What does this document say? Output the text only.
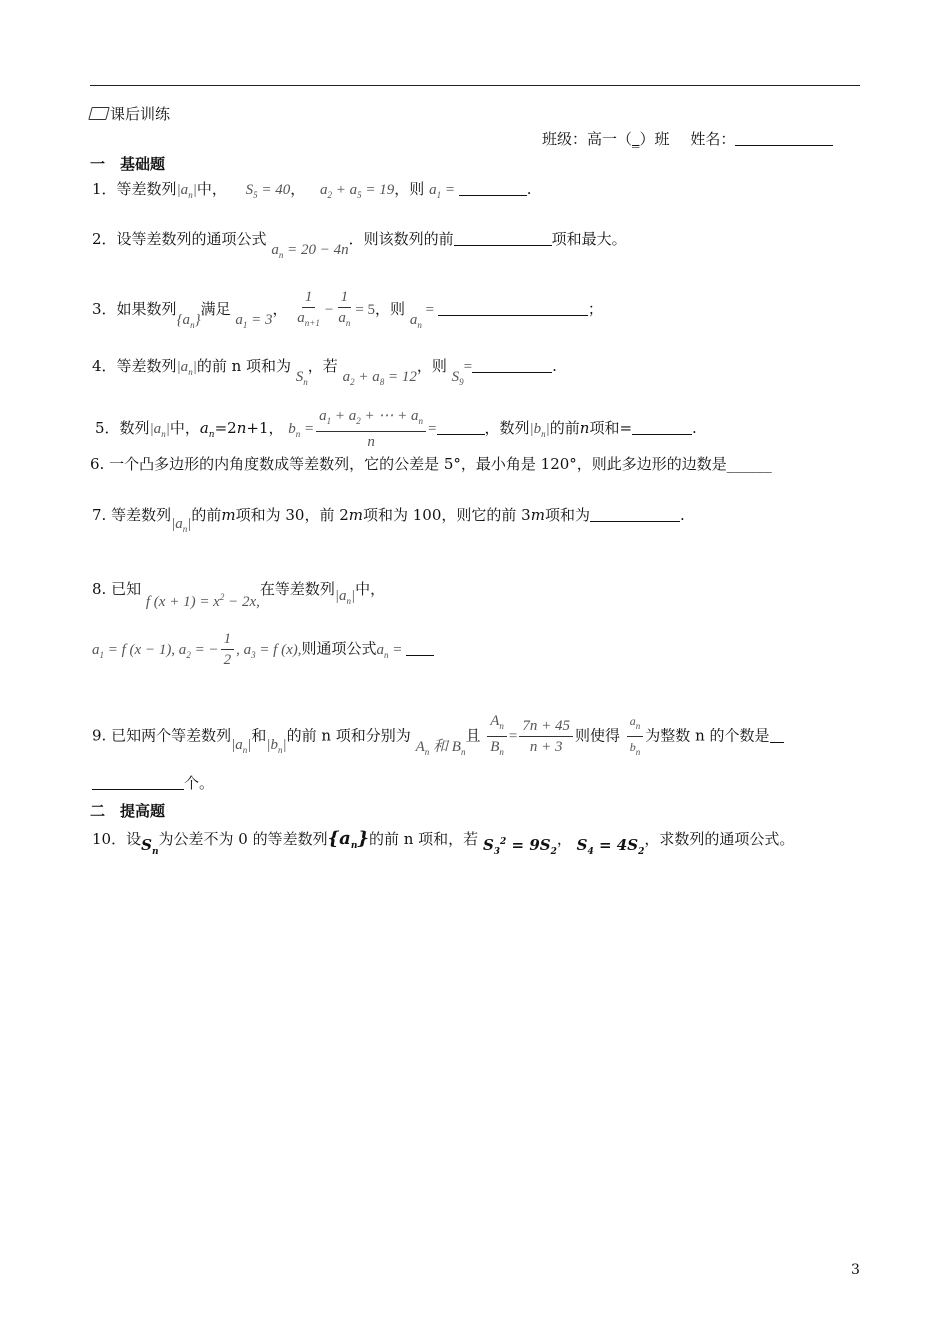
课后训练
班级：高一（_）班 姓名：
一　基础题
1．等差数列$|a_n|$中， $S_5 = 40$， $a_2 + a_5 = 19$，则 $a_1$ =	.
2．设等差数列的通项公式 $a_n = 20 - 4n$．则该数列的前	项和最大。
3．如果数列$\{a_n\}$满足 $a_1 = 3$， $\frac{1}{a_{n+1}} - \frac{1}{a_n} = 5$，则 $a_n$ =	；
4．等差数列$|a_n|$的前 n 项和为 $S_n$，若 $a_2 + a_8 = 12$，则 $S_9=$	.
5．数列$|a_n|$中，$a_n=2n+1$， $b_n = \frac{a_1 + a_2 + \cdots + a_n}{n}$ =	，数列$|b_n|$的前n项和=	.
6. 一个凸多边形的内角度数成等差数列，它的公差是 5°，最小角是 120°，则此多边形的边数是______
7. 等差数列$|a_n|$的前m项和为 30，前 2m项和为 100，则它的前 3m项和为	.
8. 已知 f $(x + 1) = x^2 - 2x$,在等差数列$|a_n|$中，
$a_1 = f$ (x − 1), $a_2$ = − $\frac{1}{2}$ , $a_3 = f$ (x),则通项公式$a_n$ =
9. 已知两个等差数列$|a_n|$和$|b_n|$的前 n 项和分别为 $A_n$ 和 $B_n$且 $\frac{A_n}{B_n} = \frac{7n + 45}{n + 3}$ 则使得 $\frac{a_n}{b_n}$ 为整数 n 的个数是
个。
二　提高题
10．设$S_n$为公差不为 0 的等差数列$\{a_n\}$的前 n 项和，若 $S_3^2 = 9S_2$， $S_4 = 4S_2$，求数列的通项公式。
3
